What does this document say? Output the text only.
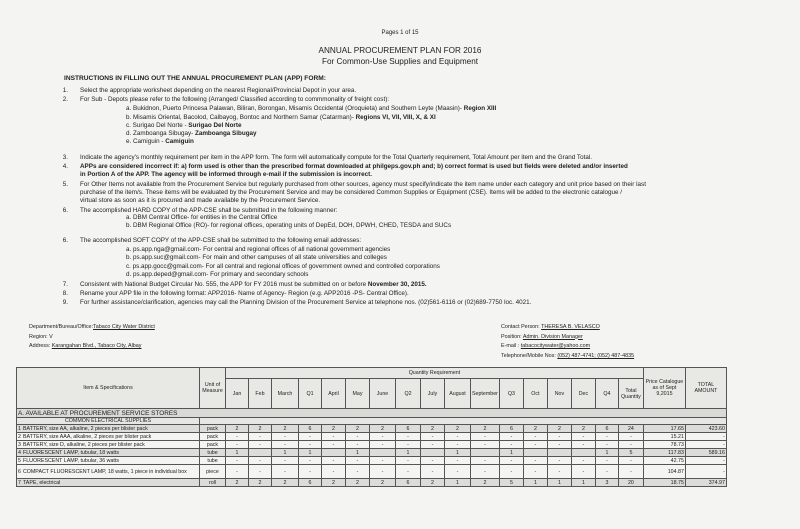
Pages 1 of 15
ANNUAL PROCUREMENT PLAN FOR 2016
For Common-Use Supplies and Equipment
INSTRUCTIONS IN FILLING OUT THE ANNUAL PROCUREMENT PLAN (APP) FORM:
1. Select the appropriate worksheet depending on the nearest Regional/Provincial Depot in your area.
2. For Sub - Depots please refer to the following (Arranged/ Classified according to commmonality of freight cost):
a. Bukidnon, Puerto Princesa Palawan, Biliran, Borongan, Misamis Occidental (Oroquieta) and Southern Leyte (Maasin)- Region XIII
b. Misamis Oriental, Bacolod, Calbayog, Bontoc and Northern Samar (Catarman)- Regions VI, VII, VIII, X, & XI
c. Surigao Del Norte - Surigao Del Norte
d. Zamboanga Sibugay- Zamboanga Sibugay
e. Camiguin - Camiguin
3. Indicate the agency's monthly requirement per item in the APP form. The form will automatically compute for the Total Quarterly requirement, Total Amount per item and the Grand Total.
4. APPs are considered incorrect if: a) form used is other than the prescribed format downloaded at philgeps.gov.ph and; b) correct format is used but fields were deleted and/or inserted
in Portion A of the APP. The agency will be informed through e-mail if the submission is incorrect.
5. For Other Items not available from the Procurement Service but regularly purchased from other sources, agency must specify/indicate the item name under each category and unit price based on their last
purchase of the item/s. These items will be evaluated by the Procurement Service and may be considered Common Supplies or Equipment (CSE). Items will be added to the electronic catalogue /
virtual store as soon as it is procured and made available by the Procurement Service.
6. The accomplished HARD COPY of the APP-CSE shall be submitted in the following manner:
a. DBM Central Office- for entities in the Central Office
b. DBM Regional Office (RO)- for regional offices, operating units of DepEd, DOH, DPWH, CHED, TESDA and SUCs
6. The accomplished SOFT COPY of the APP-CSE shall be submitted to the following email addresses:
a. ps.app.nga@gmail.com- For central and regional offices of all national government agencies
b. ps.app.suc@gmail.com- For main and other campuses of all state universities and colleges
c. ps.app.gocc@gmail.com- For all central and regional offices of government owned and controlled corporations
d. ps.app.deped@gmail.com- For primary and secondary schools
7. Consistent with National Budget Circular No. 555, the APP for FY 2016 must be submitted on or before November 30, 2015.
8. Rename your APP file in the following format: APP2016- Name of Agency- Region (e.g. APP2016 -PS- Central Office).
9. For further assistance/clarification, agencies may call the Planning Division of the Procurement Service at telephone nos. (02)561-6116 or (02)689-7750 loc. 4021.
Department/Bureau/Office:Tabaco City Water District
Region: V
Address: Karangahan Blvd., Tabaco City, Albay
Contact Person: THERESA B. VELASCO
Position: Admin. Division Manager
E-mail : tabacocitywater@yahoo.com
Telephone/Mobile Nos: (052) 487-4741; (052) 487-4835
Item & Specifications	Unit of Measure	Quantity Requirement																	Price Catalogue as of Sept 9,2015	TOTAL AMOUNT
		Jan	Feb	March	Q1	April	May	June	Q2	July	August	September	Q3	Oct	Nov	Dec	Q4	Total Quantity		
A. AVAILABLE AT PROCUREMENT SERVICE STORES																				
COMMON ELECTRICAL SUPPLIES																				
1 BATTERY, size AA, alkaline, 2 pieces per blister pack	pack	2	2	2	6	2	2	2	6	2	2	2	6	2	2	2	6	24	17.65	423.60
2 BATTERY, size AAA, alkaline, 2 pieces per blister pack	pack	-	-	-	-	-	-	-	-	-	-	-	-	-	-	-	-	-	15.21	-
3 BATTERY, size D, alkaline, 2 pieces per blister pack	pack	-	-	-	-	-	-	-	-	-	-	-	-	-	-	-	-	-	78.73	-
4 FLUORESCENT LAMP, tubular, 18 watts	tube	1		1	1		1		1		1		1				1	5	117.83	589.16
5 FLUORESCENT LAMP, tubular, 36 watts	tube	-	-	-	-	-	-	-	-	-	-	-	-	-	-	-	-	-	42.75	-
6 COMPACT FLUORESCENT LAMP, 18 watts, 1 piece in individual box	piece	-	-	-	-	-	-	-	-	-	-	-	-	-	-	-	-	-	104.87	-
7 TAPE, electrical	roll	2	2	2	6	2	2	2	6	2	1	2	5	1	1	1	3	20	18.75	374.97
